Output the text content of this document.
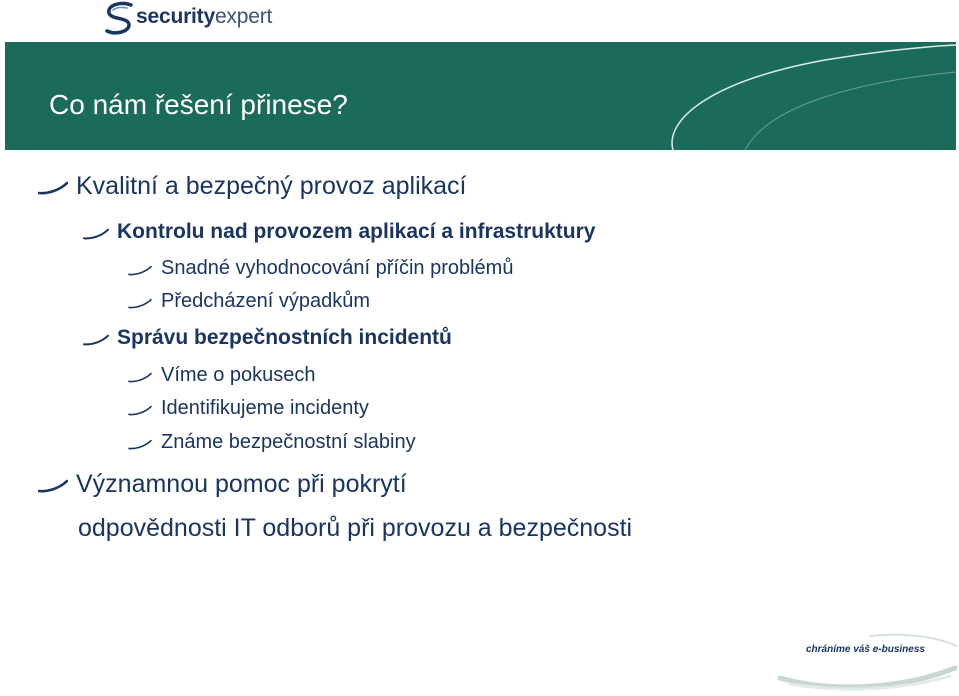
securityexpert
Co nám řešení přinese?
Kvalitní a bezpečný provoz aplikací
Kontrolu nad provozem aplikací a infrastruktury
Snadné vyhodnocování příčin problémů
Předcházení výpadkům
Správu bezpečnostních incidentů
Víme o pokusech
Identifikujeme incidenty
Známe bezpečnostní slabiny
Významnou pomoc při pokrytí
odpovědnosti IT odborů při provozu a bezpečnosti
chráníme váš e-business
